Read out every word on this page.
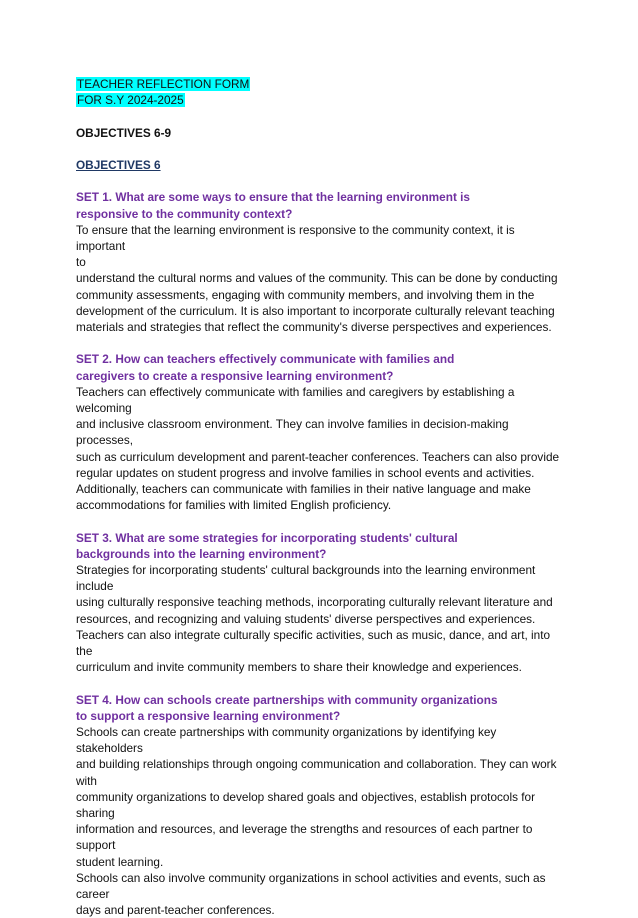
TEACHER REFLECTION FORM
FOR S.Y 2024-2025
OBJECTIVES 6-9
OBJECTIVES 6

SET 1. What are some ways to ensure that the learning environment is
responsive to the community context?

To ensure that the learning environment is responsive to the community context, it is important
to
understand the cultural norms and values of the community. This can be done by conducting
community assessments, engaging with community members, and involving them in the
development of the curriculum. It is also important to incorporate culturally relevant teaching
materials and strategies that reflect the community's diverse perspectives and experiences.

SET 2. How can teachers effectively communicate with families and
caregivers to create a responsive learning environment?

Teachers can effectively communicate with families and caregivers by establishing a welcoming
and inclusive classroom environment. They can involve families in decision-making processes,
such as curriculum development and parent-teacher conferences. Teachers can also provide
regular updates on student progress and involve families in school events and activities.
Additionally, teachers can communicate with families in their native language and make
accommodations for families with limited English proficiency.

SET 3. What are some strategies for incorporating students' cultural
backgrounds into the learning environment?

Strategies for incorporating students' cultural backgrounds into the learning environment
include
using culturally responsive teaching methods, incorporating culturally relevant literature and
resources, and recognizing and valuing students' diverse perspectives and experiences.
Teachers can also integrate culturally specific activities, such as music, dance, and art, into the
curriculum and invite community members to share their knowledge and experiences.

SET 4. How can schools create partnerships with community organizations
to support a responsive learning environment?

Schools can create partnerships with community organizations by identifying key stakeholders
and building relationships through ongoing communication and collaboration. They can work
with
community organizations to develop shared goals and objectives, establish protocols for sharing
information and resources, and leverage the strengths and resources of each partner to support
student learning.
Schools can also involve community organizations in school activities and events, such as career
days and parent-teacher conferences.
